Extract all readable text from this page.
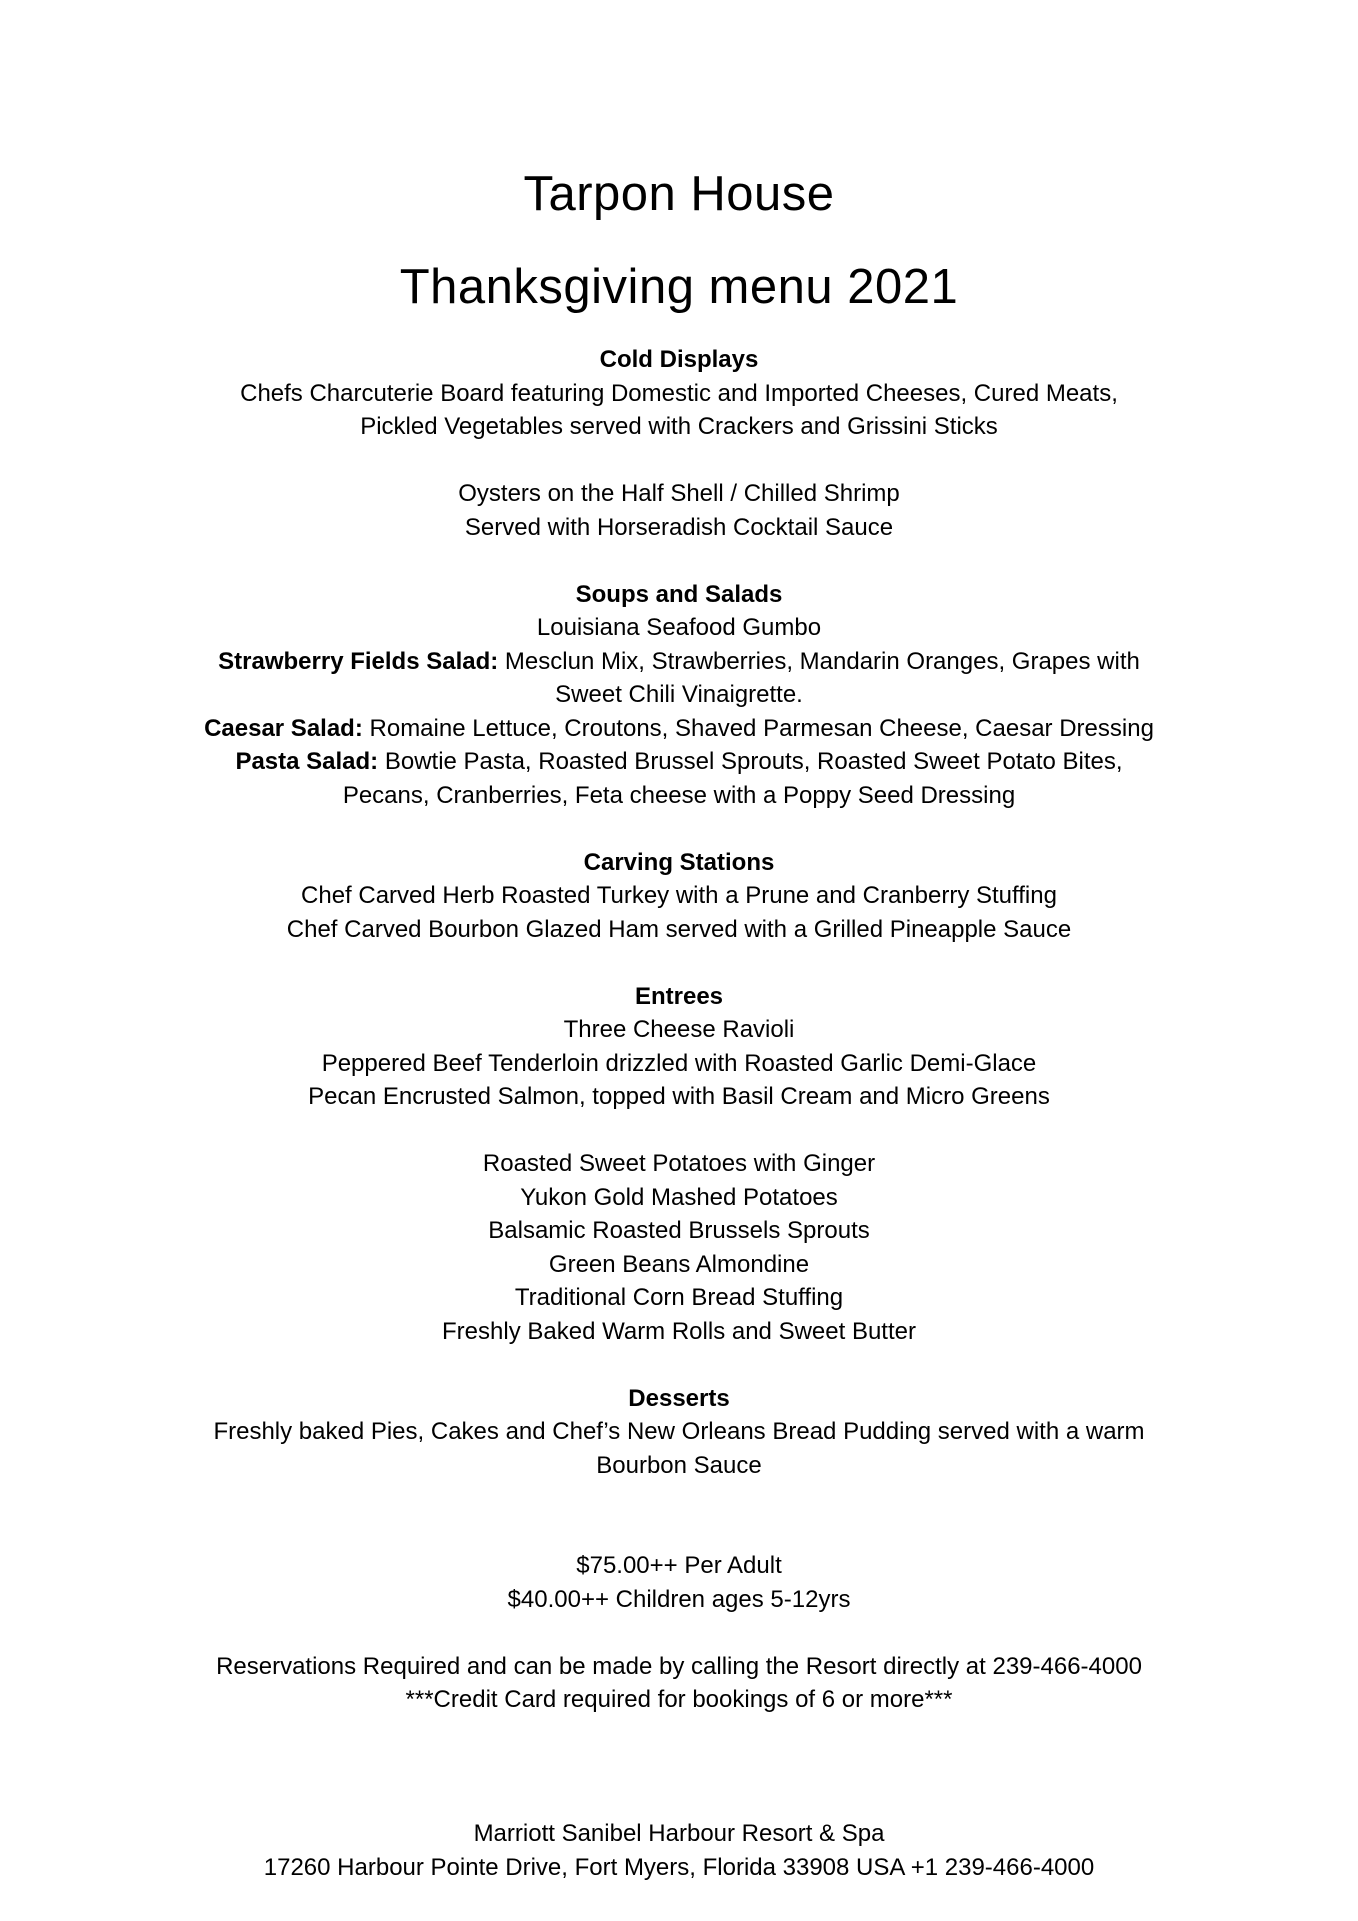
Tarpon House
Thanksgiving menu 2021
Cold Displays
Chefs Charcuterie Board featuring Domestic and Imported Cheeses, Cured Meats,
Pickled Vegetables served with Crackers and Grissini Sticks
Oysters on the Half Shell / Chilled Shrimp
Served with Horseradish Cocktail Sauce
Soups and Salads
Louisiana Seafood Gumbo
Strawberry Fields Salad: Mesclun Mix, Strawberries, Mandarin Oranges, Grapes with
Sweet Chili Vinaigrette.
Caesar Salad: Romaine Lettuce, Croutons, Shaved Parmesan Cheese, Caesar Dressing
Pasta Salad: Bowtie Pasta, Roasted Brussel Sprouts, Roasted Sweet Potato Bites,
Pecans, Cranberries, Feta cheese with a Poppy Seed Dressing
Carving Stations
Chef Carved Herb Roasted Turkey with a Prune and Cranberry Stuffing
Chef Carved Bourbon Glazed Ham served with a Grilled Pineapple Sauce
Entrees
Three Cheese Ravioli
Peppered Beef Tenderloin drizzled with Roasted Garlic Demi-Glace
Pecan Encrusted Salmon, topped with Basil Cream and Micro Greens
Roasted Sweet Potatoes with Ginger
Yukon Gold Mashed Potatoes
Balsamic Roasted Brussels Sprouts
Green Beans Almondine
Traditional Corn Bread Stuffing
Freshly Baked Warm Rolls and Sweet Butter
Desserts
Freshly baked Pies, Cakes and Chef’s New Orleans Bread Pudding served with a warm
Bourbon Sauce
$75.00++ Per Adult
$40.00++ Children ages 5-12yrs
Reservations Required and can be made by calling the Resort directly at 239-466-4000
***Credit Card required for bookings of 6 or more***
Marriott Sanibel Harbour Resort & Spa
17260 Harbour Pointe Drive, Fort Myers, Florida 33908 USA +1 239-466-4000
